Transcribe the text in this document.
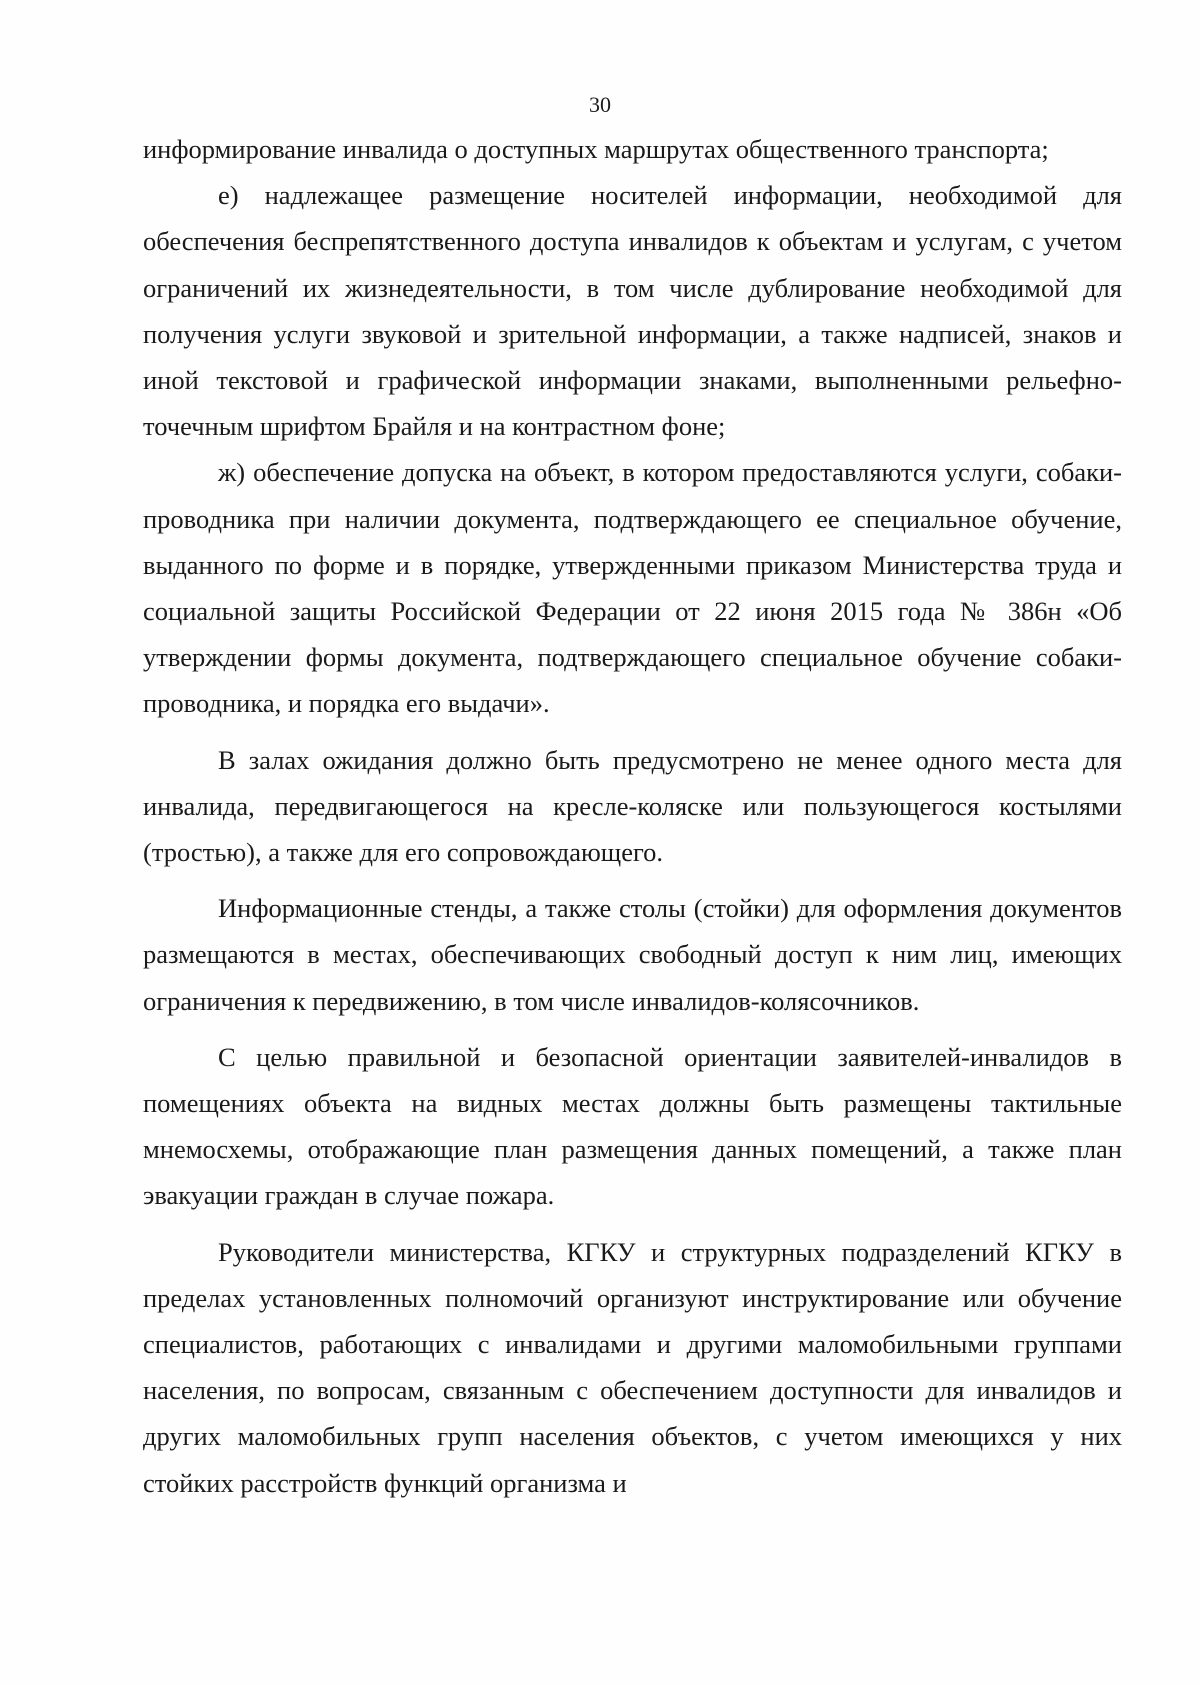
30

информирование инвалида о доступных маршрутах общественного транспорта;

е) надлежащее размещение носителей информации, необходимой для обеспечения беспрепятственного доступа инвалидов к объектам и услугам, с учетом ограничений их жизнедеятельности, в том числе дублирование необходимой для получения услуги звуковой и зрительной информации, а также надписей, знаков и иной текстовой и графической информации знаками, выполненными рельефно-точечным шрифтом Брайля и на контрастном фоне;

ж) обеспечение допуска на объект, в котором предоставляются услуги, собаки-проводника при наличии документа, подтверждающего ее специальное обучение, выданного по форме и в порядке, утвержденными приказом Министерства труда и социальной защиты Российской Федерации от 22 июня 2015 года № 386н «Об утверждении формы документа, подтверждающего специальное обучение собаки-проводника, и порядка его выдачи».

В залах ожидания должно быть предусмотрено не менее одного места для инвалида, передвигающегося на кресле-коляске или пользующегося костылями (тростью), а также для его сопровождающего.

Информационные стенды, а также столы (стойки) для оформления документов размещаются в местах, обеспечивающих свободный доступ к ним лиц, имеющих ограничения к передвижению, в том числе инвалидов-колясочников.

С целью правильной и безопасной ориентации заявителей-инвалидов в помещениях объекта на видных местах должны быть размещены тактильные мнемосхемы, отображающие план размещения данных помещений, а также план эвакуации граждан в случае пожара.

Руководители министерства, КГКУ и структурных подразделений КГКУ в пределах установленных полномочий организуют инструктирование или обучение специалистов, работающих с инвалидами и другими маломобильными группами населения, по вопросам, связанным с обеспечением доступности для инвалидов и других маломобильных групп населения объектов, с учетом имеющихся у них стойких расстройств функций организма и
